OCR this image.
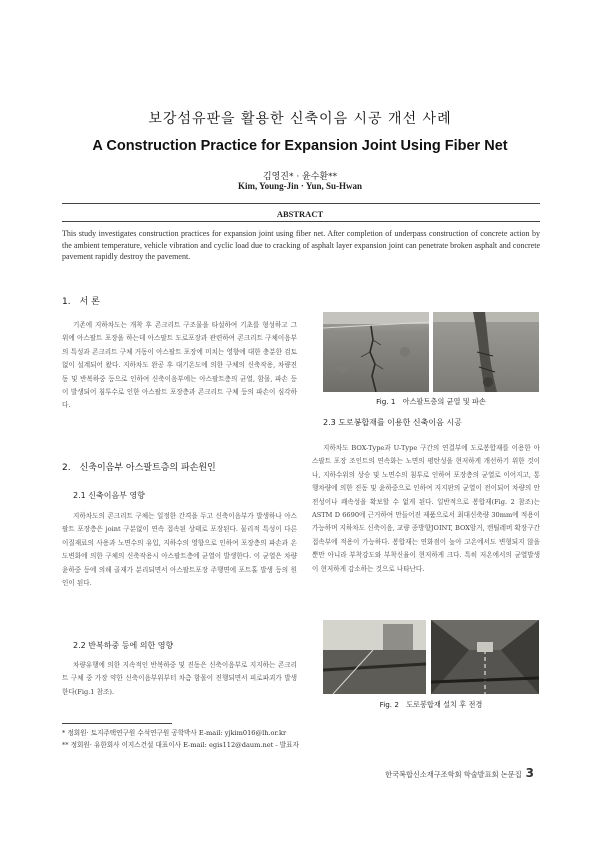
보강섬유판을 활용한 신축이음 시공 개선 사례
A Construction Practice for Expansion Joint Using Fiber Net
김영진* · 윤수환**
Kim, Young-Jin · Yun, Su-Hwan
ABSTRACT
This study investigates construction practices for expansion joint using fiber net. After completion of underpass construction of concrete action by the ambient temperature, vehicle vibration and cyclic load due to cracking of asphalt layer expansion joint can penetrate broken asphalt and concrete pavement rapidly destroy the pavement.
1.　서 론

기존에 지하차도는 개착 후 콘크리트 구조물을 타설하여 기초를 형성하고 그 위에 아스팔트 포장을 하는데 아스팔트 도로포장과 관련하여 콘크리트 구체이음부의 특성과 콘크리트 구체 거동이 아스팔트 포장에 미치는 영향에 대한 충분한 검토없이 설계되어 왔다. 지하차도 완공 후 대기온도에 의한 구체의 신축작용, 차량진동 및 반복하중 등으로 인하여 신축이음부에는 아스팔트층의 균열, 함몰, 파손 등이 발생되어 침투수로 인한 아스팔트 포장층과 콘크리트 구체 등의 파손이 심각하다.

2.　신축이음부 아스팔트층의 파손원인
2.1 신축이음부 영향

지하차도의 콘크리트 구체는 일정한 간격을 두고 신축이음부가 발생하나 아스팔트 포장층은 joint 구분없이 연속 접속된 상태로 포장된다. 물리적 특성이 다른 이질재료의 사용과 노면수의 유입, 지하수의 영향으로 인하여 포장층의 파손과 온도변화에 의한 구체의 신축작용시 아스팔트층에 균열이 발생한다. 이 균열은 차량 윤하중 등에 의해 골재가 분리되면서 아스팔트포장 주행면에 포트홀 발생 등의 원인이 된다.

2.2 반복하중 등에 의한 영향

차량유행에 의한 지속적인 반복하중 및 진동은 신축이음부로 지지하는 콘크리트 구체 중 가장 약한 신축이음부위부터 차츰 함몰이 진행되면서 피로파괴가 발생한다(Fig.1 참조).

* 정회원· 토지주택연구원 수석연구원 공학박사 E-mail: yjkim016@lh.or.kr
** 정회원· 유한회사 이지스건설 대표이사 E-mail: egis112@daum.net - 발표자
Fig. 1　아스팔트층의 균열 및 파손
2.3 도로봉합재를 이용한 신축이음 시공

지하차도 BOX-Type과 U-Type 구간의 연결부에 도로봉합재를 이용한 아스팔트 포장 조인트의 연속화는 노면의 평탄성을 현저하게 개선하기 위한 것이나, 지하수위의 상승 및 노면수의 침투로 인하여 포장층의 균열로 이어지고, 통행차량에 의한 진동 및 윤하중으로 인하여 지지판의 균열이 전이되어 차량의 안전성이나 쾌속성을 확보할 수 없게 된다. 일반적으로 봉합재(Fig. 2 참조)는 ASTM D 6690에 근거하여 만들어진 제품으로서 최대신축량 30mm에 적용이 가능하며 지하차도 신축이음, 교량 종방향JOINT, BOX암거, 캔틸레버 확장구간 접속부에 적용이 가능하다. 봉합재는 연화점이 높아 고온에서도 변형되지 않을 뿐만 아니라 부착강도와 부착신율이 현저하게 크다. 특히 저온에서의 균열발생이 현저하게 감소하는 것으로 나타난다.

Fig. 2　도로봉합재 설치 후 전경
한국복합신소재구조학회 학술발표회 논문집 3
